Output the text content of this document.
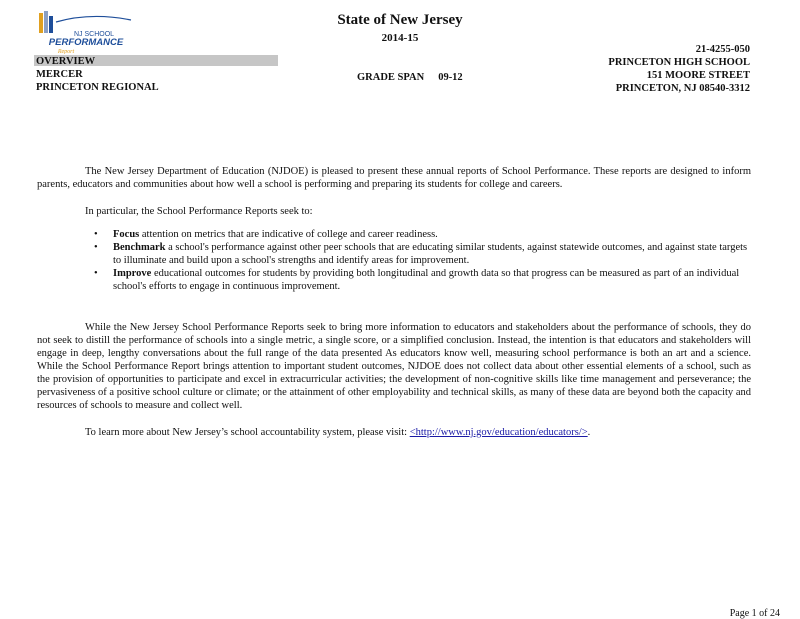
NJ SCHOOL
PERFORMANCE
Report
State of New Jersey
2014-15
OVERVIEW
MERCER
PRINCETON REGIONAL
GRADE SPAN 09-12
21-4255-050
PRINCETON HIGH SCHOOL
151 MOORE STREET
PRINCETON, NJ 08540-3312

The New Jersey Department of Education (NJDOE) is pleased to present these annual reports of School Performance. These reports are designed to inform parents, educators and communities about how well a school is performing and preparing its students for college and careers.

In particular, the School Performance Reports seek to:

• Focus attention on metrics that are indicative of college and career readiness.
• Benchmark a school's performance against other peer schools that are educating similar students, against statewide outcomes, and against state targets to illuminate and build upon a school's strengths and identify areas for improvement.
• Improve educational outcomes for students by providing both longitudinal and growth data so that progress can be measured as part of an individual school's efforts to engage in continuous improvement.

While the New Jersey School Performance Reports seek to bring more information to educators and stakeholders about the performance of schools, they do not seek to distill the performance of schools into a single metric, a single score, or a simplified conclusion. Instead, the intention is that educators and stakeholders will engage in deep, lengthy conversations about the full range of the data presented As educators know well, measuring school performance is both an art and a science. While the School Performance Report brings attention to important student outcomes, NJDOE does not collect data about other essential elements of a school, such as the provision of opportunities to participate and excel in extracurricular activities; the development of non-cognitive skills like time management and perseverance; the pervasiveness of a positive school culture or climate; or the attainment of other employability and technical skills, as many of these data are beyond both the capacity and resources of schools to measure and collect well.

To learn more about New Jersey’s school accountability system, please visit: <http://www.nj.gov/education/educators/>.

Page 1 of 24
